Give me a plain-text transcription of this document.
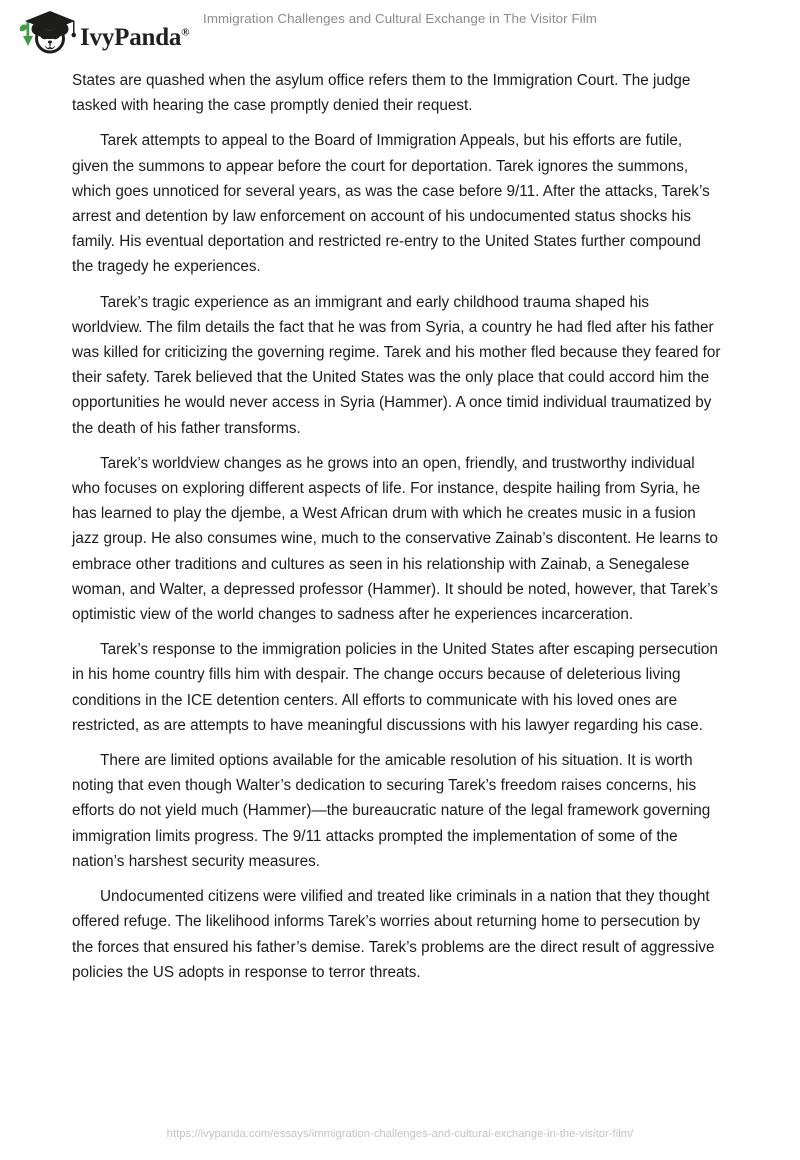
IvyPanda®
Immigration Challenges and Cultural Exchange in The Visitor Film

States are quashed when the asylum office refers them to the Immigration Court. The judge tasked with hearing the case promptly denied their request.

Tarek attempts to appeal to the Board of Immigration Appeals, but his efforts are futile, given the summons to appear before the court for deportation. Tarek ignores the summons, which goes unnoticed for several years, as was the case before 9/11. After the attacks, Tarek’s arrest and detention by law enforcement on account of his undocumented status shocks his family. His eventual deportation and restricted re-entry to the United States further compound the tragedy he experiences.

Tarek’s tragic experience as an immigrant and early childhood trauma shaped his worldview. The film details the fact that he was from Syria, a country he had fled after his father was killed for criticizing the governing regime. Tarek and his mother fled because they feared for their safety. Tarek believed that the United States was the only place that could accord him the opportunities he would never access in Syria (Hammer). A once timid individual traumatized by the death of his father transforms.

Tarek’s worldview changes as he grows into an open, friendly, and trustworthy individual who focuses on exploring different aspects of life. For instance, despite hailing from Syria, he has learned to play the djembe, a West African drum with which he creates music in a fusion jazz group. He also consumes wine, much to the conservative Zainab’s discontent. He learns to embrace other traditions and cultures as seen in his relationship with Zainab, a Senegalese woman, and Walter, a depressed professor (Hammer). It should be noted, however, that Tarek’s optimistic view of the world changes to sadness after he experiences incarceration.

Tarek’s response to the immigration policies in the United States after escaping persecution in his home country fills him with despair. The change occurs because of deleterious living conditions in the ICE detention centers. All efforts to communicate with his loved ones are restricted, as are attempts to have meaningful discussions with his lawyer regarding his case.

There are limited options available for the amicable resolution of his situation. It is worth noting that even though Walter’s dedication to securing Tarek’s freedom raises concerns, his efforts do not yield much (Hammer)—the bureaucratic nature of the legal framework governing immigration limits progress. The 9/11 attacks prompted the implementation of some of the nation’s harshest security measures.

Undocumented citizens were vilified and treated like criminals in a nation that they thought offered refuge. The likelihood informs Tarek’s worries about returning home to persecution by the forces that ensured his father’s demise. Tarek’s problems are the direct result of aggressive policies the US adopts in response to terror threats.

https://ivypanda.com/essays/immigration-challenges-and-cultural-exchange-in-the-visitor-film/
